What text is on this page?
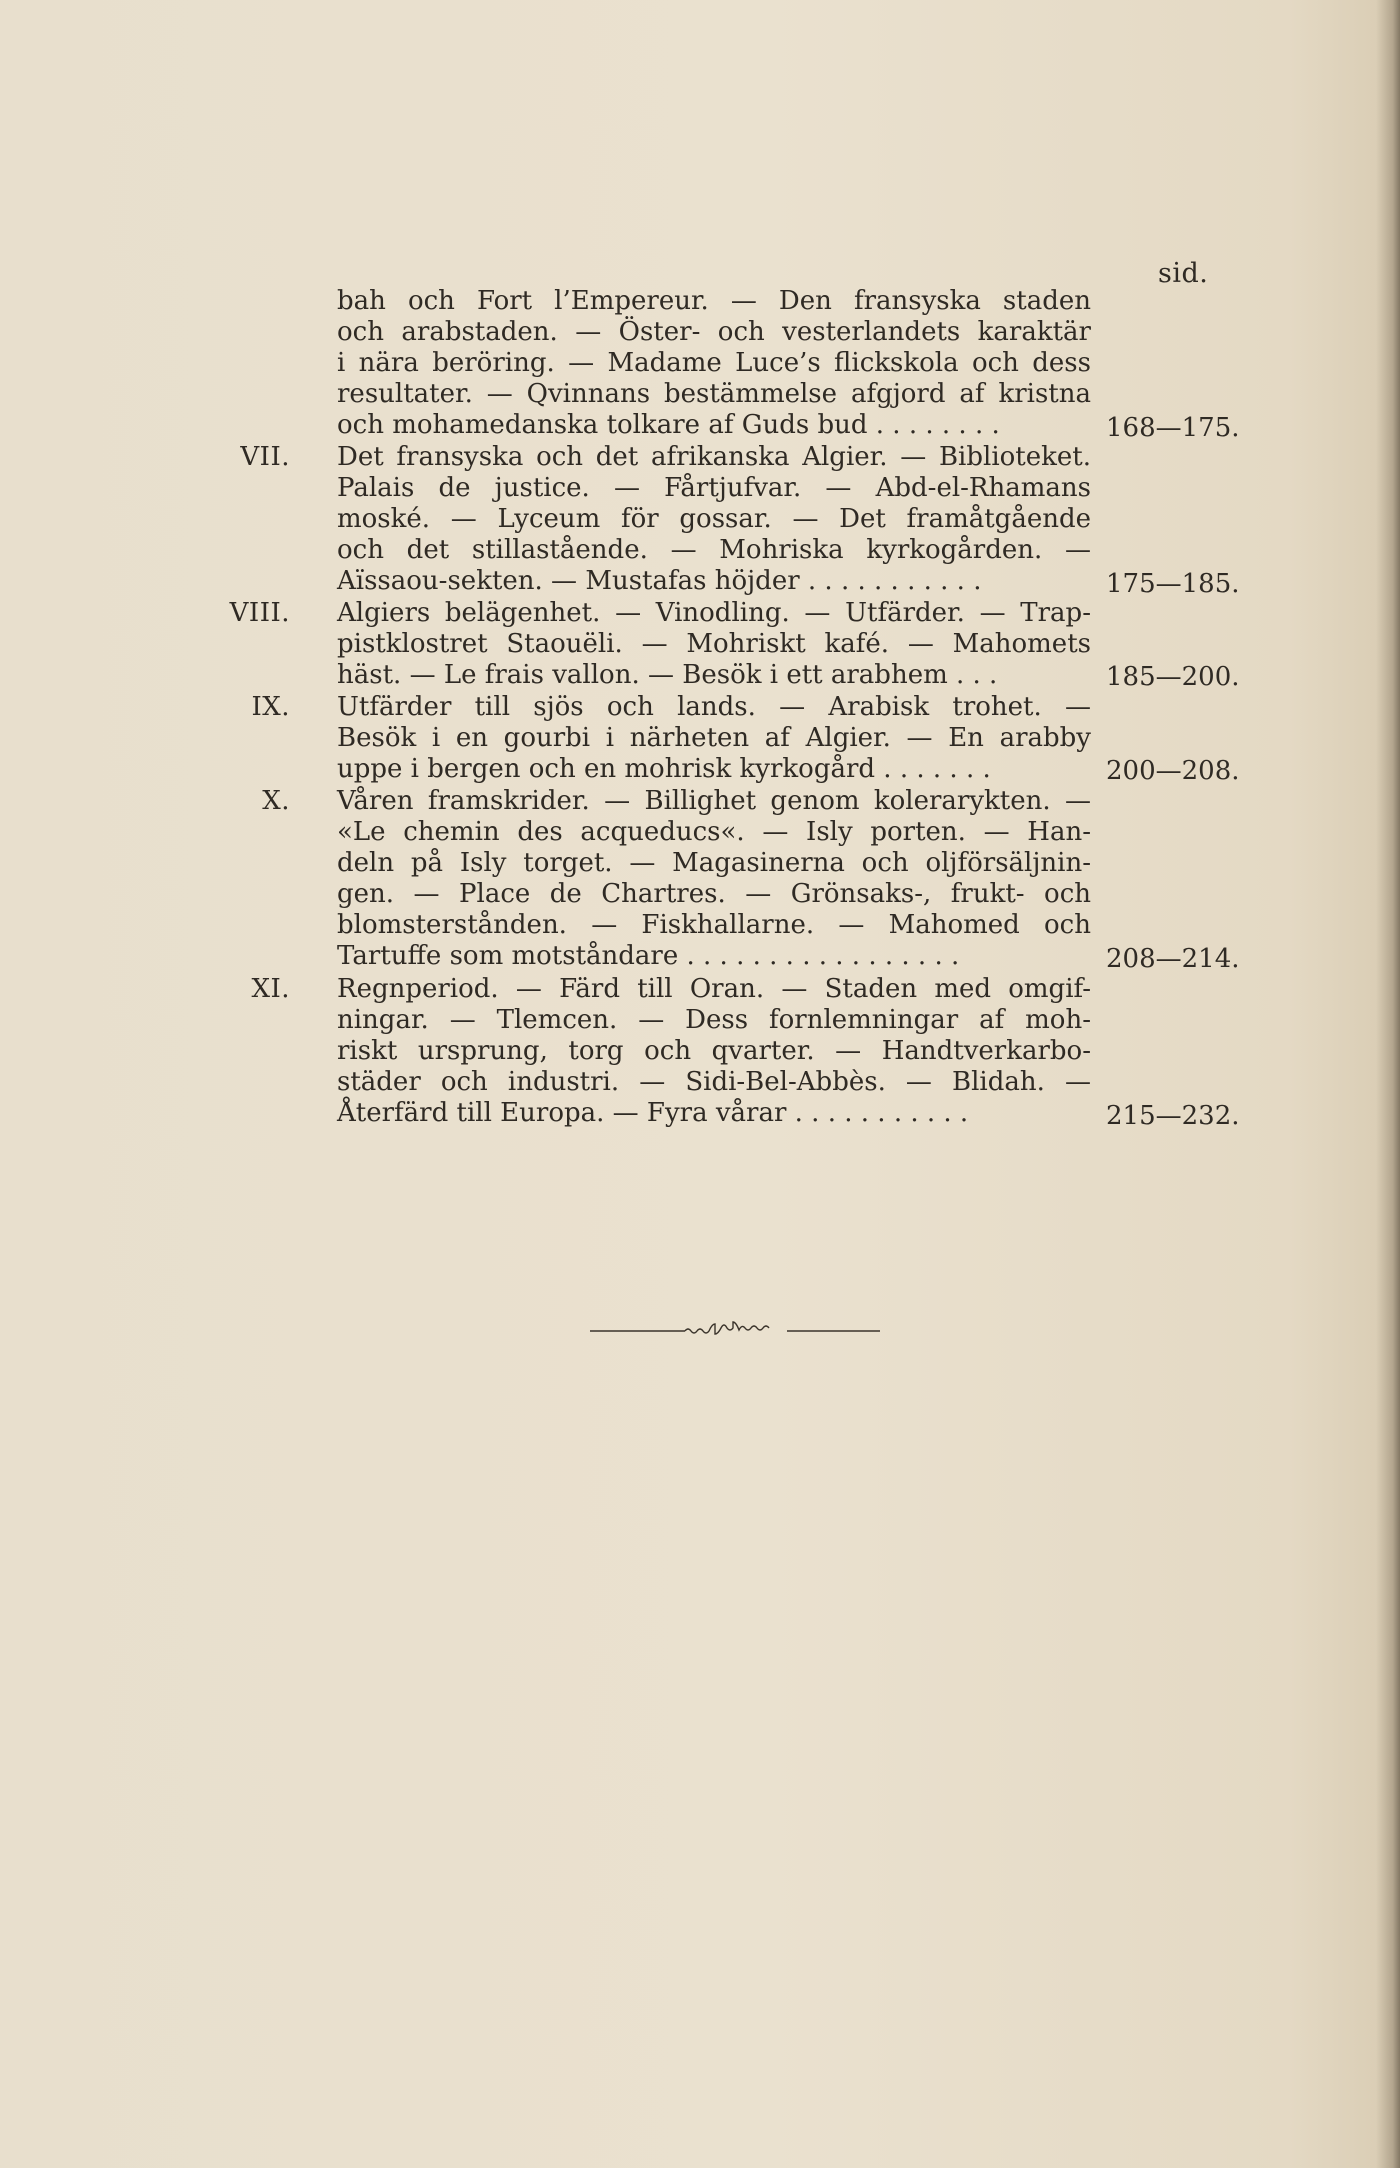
sid.
bah och Fort l’Empereur. — Den fransyska staden
och arabstaden. — Öster- och vesterlandets karaktär
i nära beröring. — Madame Luce’s flickskola och dess
resultater. — Qvinnans bestämmelse afgjord af kristna
och mohamedanska tolkare af Guds bud . . . . . . . .	168—175.
VII. Det fransyska och det afrikanska Algier. — Biblioteket.
Palais de justice. — Fårtjufvar. — Abd-el-Rhamans
moské. — Lyceum för gossar. — Det framåtgående
och det stillastående. — Mohriska kyrkogården. —
Aïssaou-sekten. — Mustafas höjder . . . . . . . . . . .	175—185.
VIII. Algiers belägenhet. — Vinodling. — Utfärder. — Trap-
pistklostret Staouëli. — Mohriskt kafé. — Mahomets
häst. — Le frais vallon. — Besök i ett arabhem . . .	185—200.
IX. Utfärder till sjös och lands. — Arabisk trohet. —
Besök i en gourbi i närheten af Algier. — En arabby
uppe i bergen och en mohrisk kyrkogård . . . . . . .	200—208.
X. Våren framskrider. — Billighet genom kolerarykten. —
«Le chemin des acqueducs«. — Isly porten. — Han-
deln på Isly torget. — Magasinerna och oljförsäljnin-
gen. — Place de Chartres. — Grönsaks-, frukt- och
blomsterstånden. — Fiskhallarne. — Mahomed och
Tartuffe som motståndare . . . . . . . . . . . . . . . . .	208—214.
XI. Regnperiod. — Färd till Oran. — Staden med omgif-
ningar. — Tlemcen. — Dess fornlemningar af moh-
riskt ursprung, torg och qvarter. — Handtverkarbo-
städer och industri. — Sidi-Bel-Abbès. — Blidah. —
Återfärd till Europa. — Fyra vårar . . . . . . . . . . .	215—232.
